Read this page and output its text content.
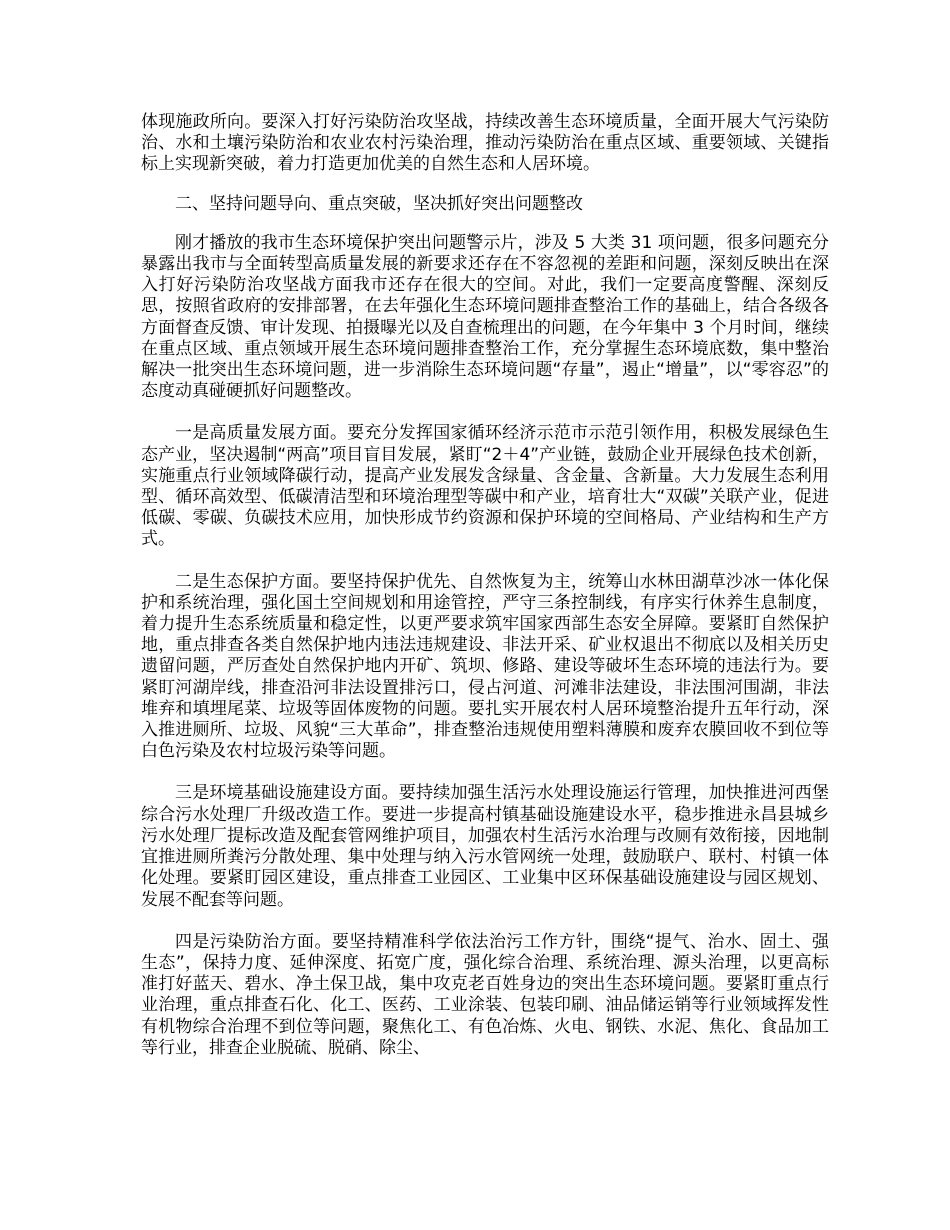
体现施政所向。要深入打好污染防治攻坚战，持续改善生态环境质量，全面开展大气污染防治、水和土壤污染防治和农业农村污染治理，推动污染防治在重点区域、重要领域、关键指标上实现新突破，着力打造更加优美的自然生态和人居环境。

二、坚持问题导向、重点突破，坚决抓好突出问题整改

刚才播放的我市生态环境保护突出问题警示片，涉及 5 大类 31 项问题，很多问题充分暴露出我市与全面转型高质量发展的新要求还存在不容忽视的差距和问题，深刻反映出在深入打好污染防治攻坚战方面我市还存在很大的空间。对此，我们一定要高度警醒、深刻反思，按照省政府的安排部署，在去年强化生态环境问题排查整治工作的基础上，结合各级各方面督查反馈、审计发现、拍摄曝光以及自查梳理出的问题，在今年集中 3 个月时间，继续在重点区域、重点领域开展生态环境问题排查整治工作，充分掌握生态环境底数，集中整治解决一批突出生态环境问题，进一步消除生态环境问题“存量”，遏止“增量”，以“零容忍”的态度动真碰硬抓好问题整改。

一是高质量发展方面。要充分发挥国家循环经济示范市示范引领作用，积极发展绿色生态产业，坚决遏制“两高”项目盲目发展，紧盯“2＋4”产业链，鼓励企业开展绿色技术创新，实施重点行业领域降碳行动，提高产业发展发含绿量、含金量、含新量。大力发展生态利用型、循环高效型、低碳清洁型和环境治理型等碳中和产业，培育壮大“双碳”关联产业，促进低碳、零碳、负碳技术应用，加快形成节约资源和保护环境的空间格局、产业结构和生产方式。

二是生态保护方面。要坚持保护优先、自然恢复为主，统筹山水林田湖草沙冰一体化保护和系统治理，强化国土空间规划和用途管控，严守三条控制线，有序实行休养生息制度，着力提升生态系统质量和稳定性，以更严要求筑牢国家西部生态安全屏障。要紧盯自然保护地，重点排查各类自然保护地内违法违规建设、非法开采、矿业权退出不彻底以及相关历史遗留问题，严厉查处自然保护地内开矿、筑坝、修路、建设等破坏生态环境的违法行为。要紧盯河湖岸线，排查沿河非法设置排污口，侵占河道、河滩非法建设，非法围河围湖，非法堆弃和填埋尾菜、垃圾等固体废物的问题。要扎实开展农村人居环境整治提升五年行动，深入推进厕所、垃圾、风貌“三大革命”，排查整治违规使用塑料薄膜和废弃农膜回收不到位等白色污染及农村垃圾污染等问题。

三是环境基础设施建设方面。要持续加强生活污水处理设施运行管理，加快推进河西堡综合污水处理厂升级改造工作。要进一步提高村镇基础设施建设水平，稳步推进永昌县城乡污水处理厂提标改造及配套管网维护项目，加强农村生活污水治理与改厕有效衔接，因地制宜推进厕所粪污分散处理、集中处理与纳入污水管网统一处理，鼓励联户、联村、村镇一体化处理。要紧盯园区建设，重点排查工业园区、工业集中区环保基础设施建设与园区规划、发展不配套等问题。

四是污染防治方面。要坚持精准科学依法治污工作方针，围绕“提气、治水、固土、强生态”，保持力度、延伸深度、拓宽广度，强化综合治理、系统治理、源头治理，以更高标准打好蓝天、碧水、净土保卫战，集中攻克老百姓身边的突出生态环境问题。要紧盯重点行业治理，重点排查石化、化工、医药、工业涂装、包装印刷、油品储运销等行业领域挥发性有机物综合治理不到位等问题，聚焦化工、有色冶炼、火电、钢铁、水泥、焦化、食品加工等行业，排查企业脱硫、脱硝、除尘、
